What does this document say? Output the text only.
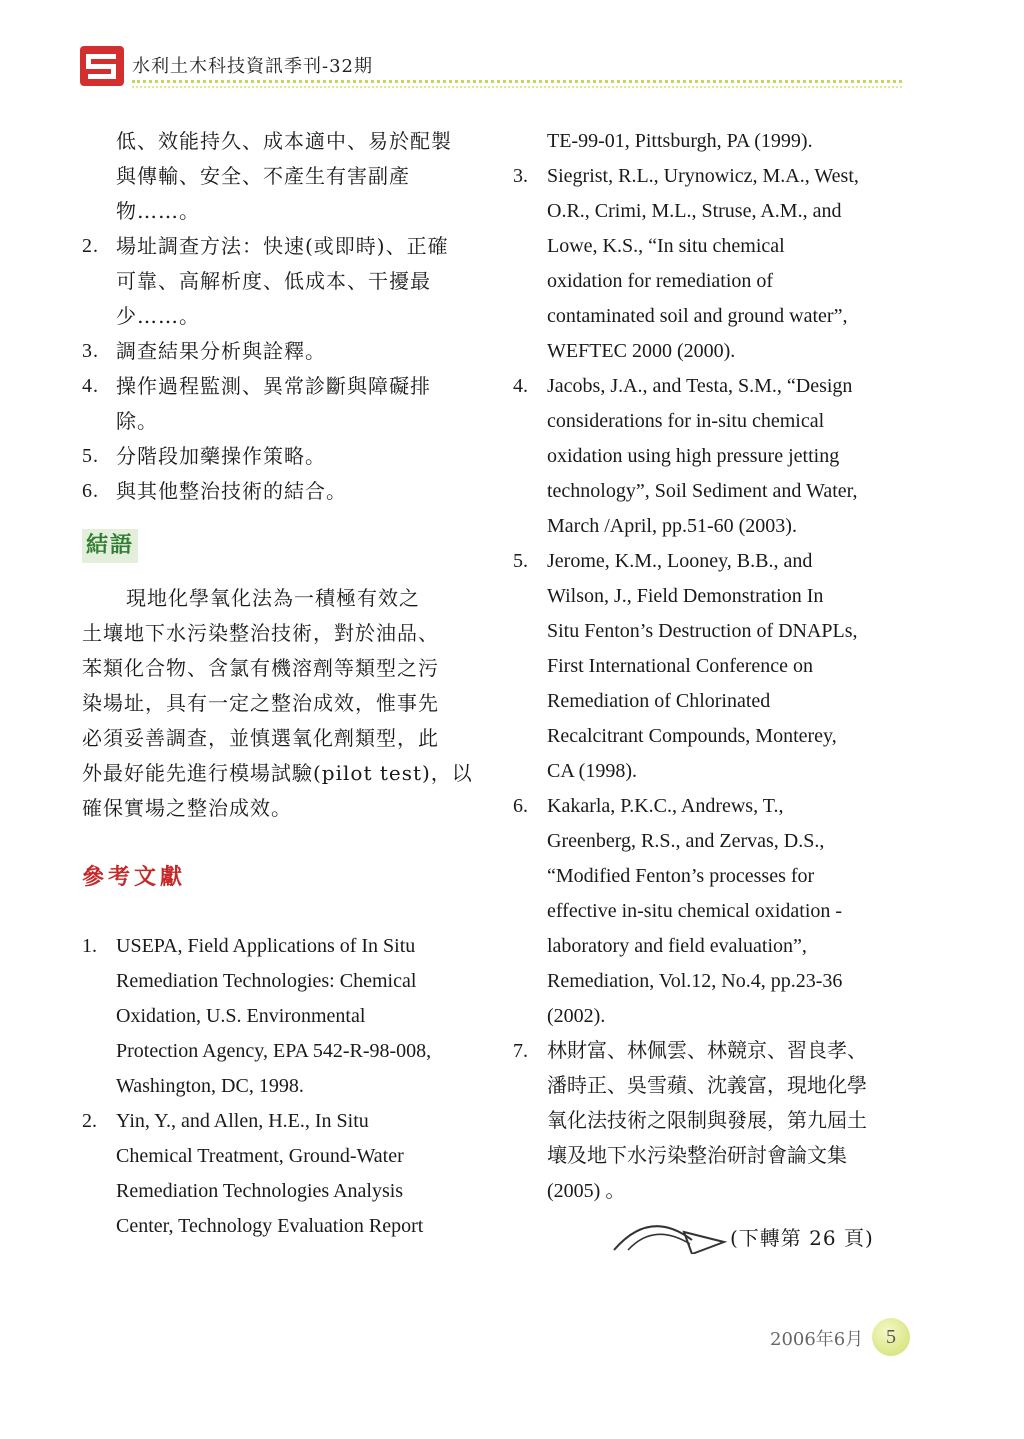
水利土木科技資訊季刊-32期
低、效能持久、成本適中、易於配製
與傳輸、安全、不產生有害副產
物……。
2. 場址調查方法：快速(或即時)、正確
可靠、高解析度、低成本、干擾最
少……。
3. 調查結果分析與詮釋。
4. 操作過程監測、異常診斷與障礙排
除。
5. 分階段加藥操作策略。
6. 與其他整治技術的結合。
結語
現地化學氧化法為一積極有效之
土壤地下水污染整治技術，對於油品、
苯類化合物、含氯有機溶劑等類型之污
染場址，具有一定之整治成效，惟事先
必須妥善調查，並慎選氧化劑類型，此
外最好能先進行模場試驗(pilot test)，以
確保實場之整治成效。
參考文獻
1. USEPA, Field Applications of In Situ
Remediation Technologies: Chemical
Oxidation, U.S. Environmental
Protection Agency, EPA 542-R-98-008,
Washington, DC, 1998.
2. Yin, Y., and Allen, H.E., In Situ
Chemical Treatment, Ground-Water
Remediation Technologies Analysis
Center, Technology Evaluation Report
TE-99-01, Pittsburgh, PA (1999).
3. Siegrist, R.L., Urynowicz, M.A., West,
O.R., Crimi, M.L., Struse, A.M., and
Lowe, K.S., “In situ chemical
oxidation for remediation of
contaminated soil and ground water”,
WEFTEC 2000 (2000).
4. Jacobs, J.A., and Testa, S.M., “Design
considerations for in-situ chemical
oxidation using high pressure jetting
technology”, Soil Sediment and Water,
March /April, pp.51-60 (2003).
5. Jerome, K.M., Looney, B.B., and
Wilson, J., Field Demonstration In
Situ Fenton’s Destruction of DNAPLs,
First International Conference on
Remediation of Chlorinated
Recalcitrant Compounds, Monterey,
CA (1998).
6. Kakarla, P.K.C., Andrews, T.,
Greenberg, R.S., and Zervas, D.S.,
“Modified Fenton’s processes for
effective in-situ chemical oxidation -
laboratory and field evaluation”,
Remediation, Vol.12, No.4, pp.23-36
(2002).
7. 林財富、林佩雲、林競京、習良孝、
潘時正、吳雪蘋、沈義富，現地化學
氧化法技術之限制與發展，第九屆土
壤及地下水污染整治研討會論文集
(2005) 。
(下轉第 26 頁)
2006年6月	5
